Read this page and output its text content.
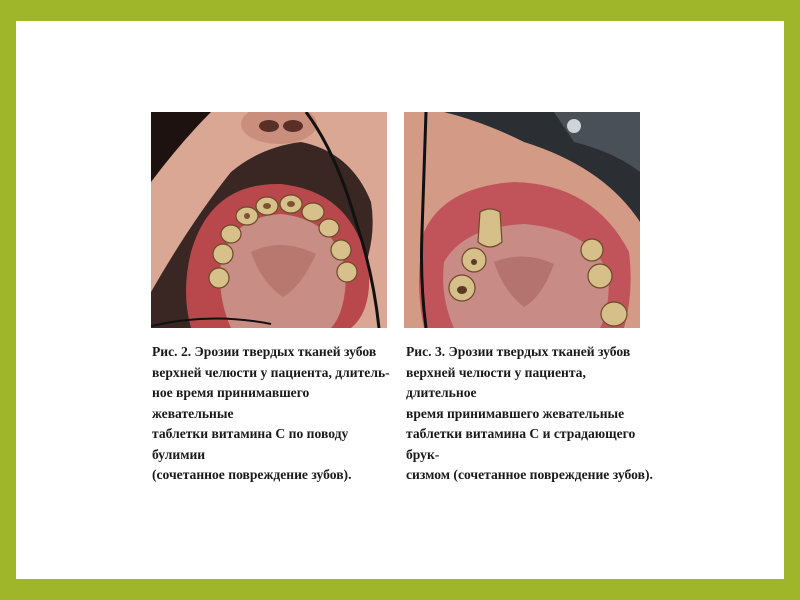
Рис. 2. Эрозии твердых тканей зубов
верхней челюсти у пациента, длитель-
ное время принимавшего жевательные
таблетки витамина С по поводу булимии
(сочетанное повреждение зубов).
Рис. 3. Эрозии твердых тканей зубов
верхней челюсти у пациента, длительное
время принимавшего жевательные
таблетки витамина С и страдающего брук-
сизмом (сочетанное повреждение зубов).
